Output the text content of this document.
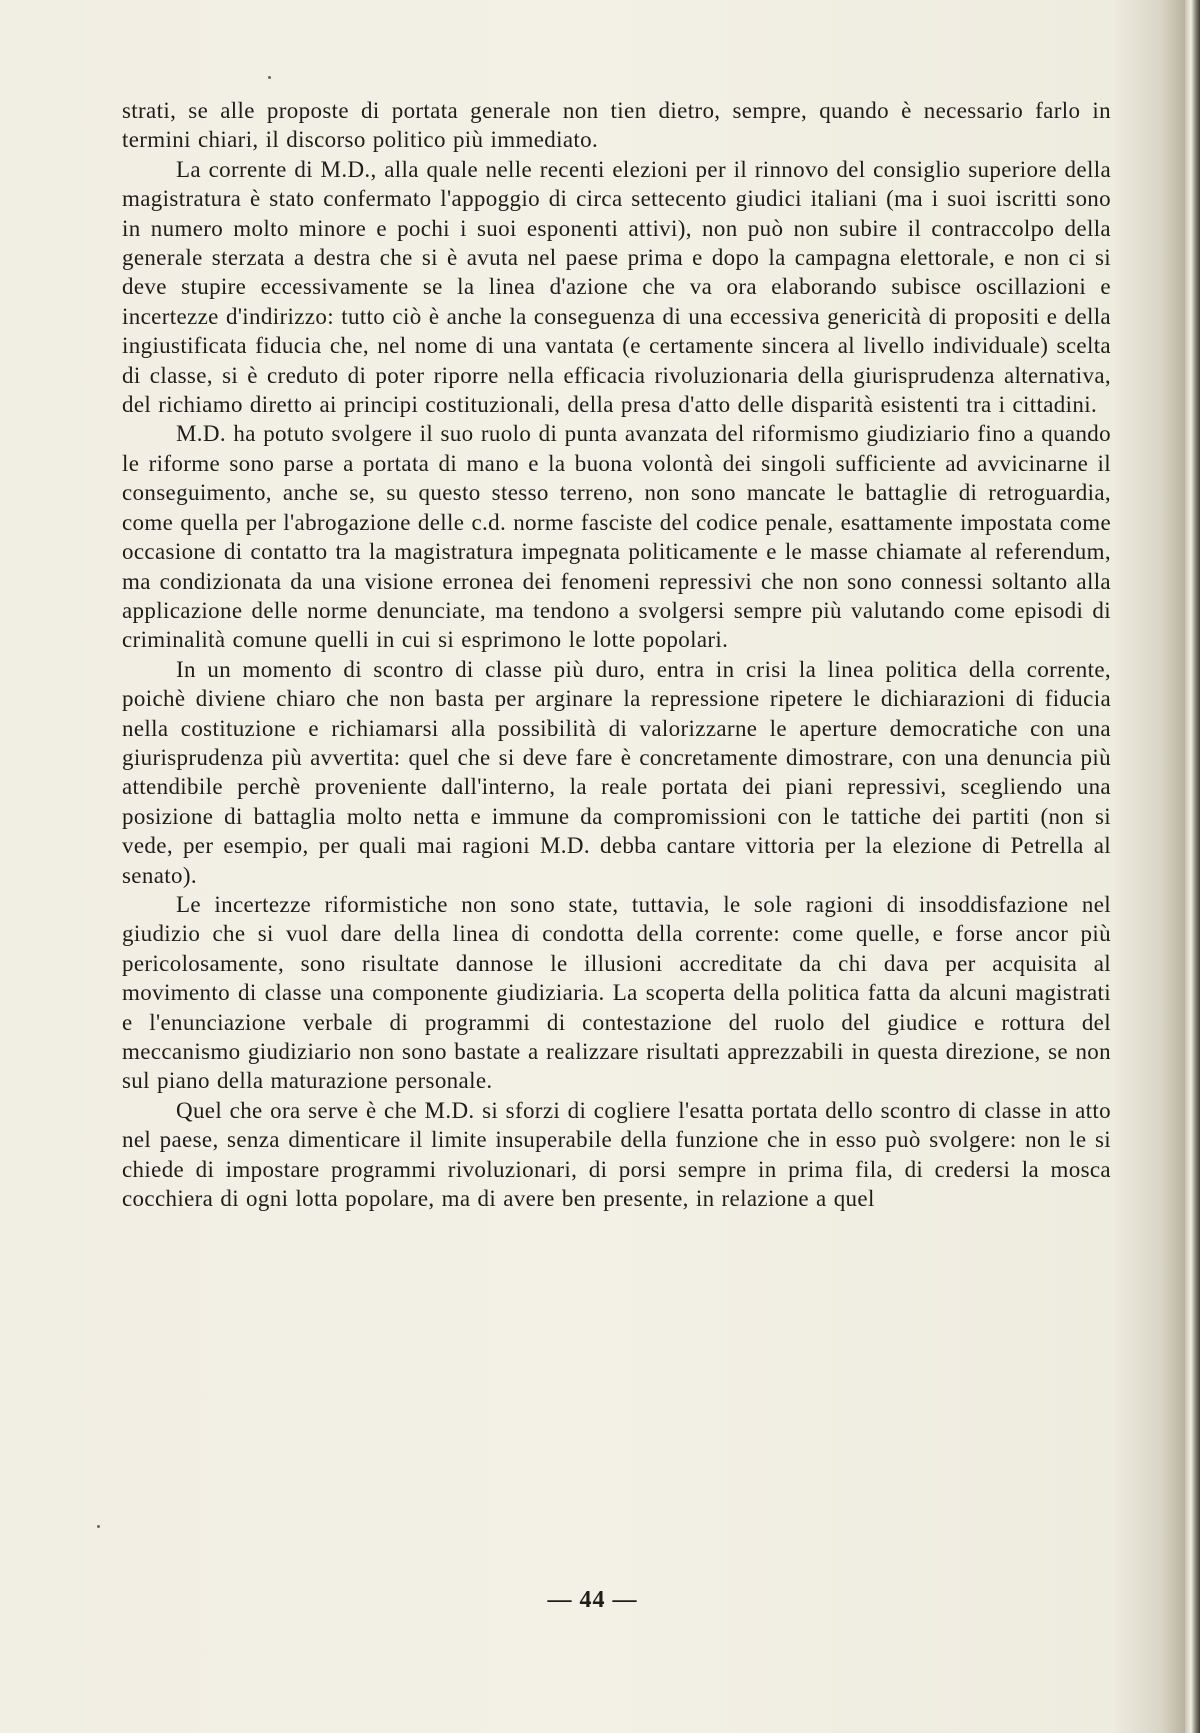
strati, se alle proposte di portata generale non tien dietro, sempre, quando è necessario farlo in termini chiari, il discorso politico più immediato.

La corrente di M.D., alla quale nelle recenti elezioni per il rinnovo del consiglio superiore della magistratura è stato confermato l'appoggio di circa settecento giudici italiani (ma i suoi iscritti sono in numero molto minore e pochi i suoi esponenti attivi), non può non subire il contraccolpo della generale sterzata a destra che si è avuta nel paese prima e dopo la campagna elettorale, e non ci si deve stupire eccessivamente se la linea d'azione che va ora elaborando subisce oscillazioni e incertezze d'indirizzo: tutto ciò è anche la conseguenza di una eccessiva genericità di propositi e della ingiustificata fiducia che, nel nome di una vantata (e certamente sincera al livello individuale) scelta di classe, si è creduto di poter riporre nella efficacia rivoluzionaria della giurisprudenza alternativa, del richiamo diretto ai principi costituzionali, della presa d'atto delle disparità esistenti tra i cittadini.

M.D. ha potuto svolgere il suo ruolo di punta avanzata del riformismo giudiziario fino a quando le riforme sono parse a portata di mano e la buona volontà dei singoli sufficiente ad avvicinarne il conseguimento, anche se, su questo stesso terreno, non sono mancate le battaglie di retroguardia, come quella per l'abrogazione delle c.d. norme fasciste del codice penale, esattamente impostata come occasione di contatto tra la magistratura impegnata politicamente e le masse chiamate al referendum, ma condizionata da una visione erronea dei fenomeni repressivi che non sono connessi soltanto alla applicazione delle norme denunciate, ma tendono a svolgersi sempre più valutando come episodi di criminalità comune quelli in cui si esprimono le lotte popolari.

In un momento di scontro di classe più duro, entra in crisi la linea politica della corrente, poichè diviene chiaro che non basta per arginare la repressione ripetere le dichiarazioni di fiducia nella costituzione e richiamarsi alla possibilità di valorizzarne le aperture democratiche con una giurisprudenza più avvertita: quel che si deve fare è concretamente dimostrare, con una denuncia più attendibile perchè proveniente dall'interno, la reale portata dei piani repressivi, scegliendo una posizione di battaglia molto netta e immune da compromissioni con le tattiche dei partiti (non si vede, per esempio, per quali mai ragioni M.D. debba cantare vittoria per la elezione di Petrella al senato).

Le incertezze riformistiche non sono state, tuttavia, le sole ragioni di insoddisfazione nel giudizio che si vuol dare della linea di condotta della corrente: come quelle, e forse ancor più pericolosamente, sono risultate dannose le illusioni accreditate da chi dava per acquisita al movimento di classe una componente giudiziaria. La scoperta della politica fatta da alcuni magistrati e l'enunciazione verbale di programmi di contestazione del ruolo del giudice e rottura del meccanismo giudiziario non sono bastate a realizzare risultati apprezzabili in questa direzione, se non sul piano della maturazione personale.

Quel che ora serve è che M.D. si sforzi di cogliere l'esatta portata dello scontro di classe in atto nel paese, senza dimenticare il limite insuperabile della funzione che in esso può svolgere: non le si chiede di impostare programmi rivoluzionari, di porsi sempre in prima fila, di credersi la mosca cocchiera di ogni lotta popolare, ma di avere ben presente, in relazione a quel

— 44 —
